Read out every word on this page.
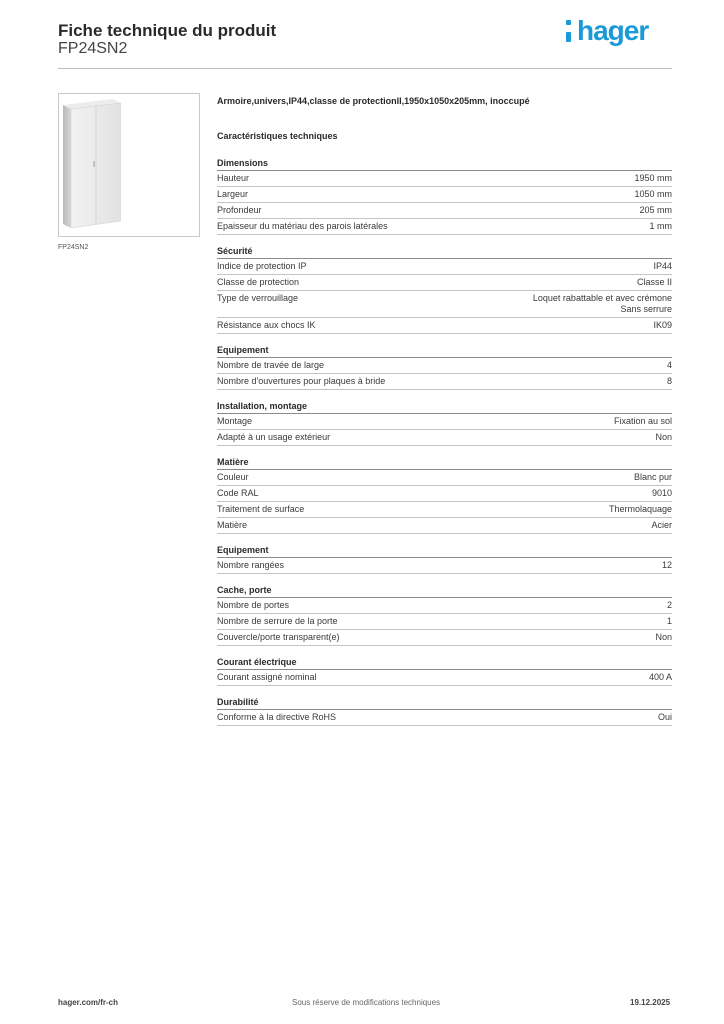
Fiche technique du produit
FP24SN2
hager
FP24SN2
Armoire,univers,IP44,classe de protectionII,1950x1050x205mm, inoccupé
Caractéristiques techniques
Dimensions
Hauteur	1950 mm
Largeur	1050 mm
Profondeur	205 mm
Epaisseur du matériau des parois latérales	1 mm
Sécurité
Indice de protection IP	IP44
Classe de protection	Classe II
Type de verrouillage	Loquet rabattable et avec crémone
Sans serrure
Résistance aux chocs IK	IK09
Equipement
Nombre de travée de large	4
Nombre d'ouvertures pour plaques à bride	8
Installation, montage
Montage	Fixation au sol
Adapté à un usage extérieur	Non
Matière
Couleur	Blanc pur
Code RAL	9010
Traitement de surface	Thermolaquage
Matière	Acier
Equipement
Nombre rangées	12
Cache, porte
Nombre de portes	2
Nombre de serrure de la porte	1
Couvercle/porte transparent(e)	Non
Courant électrique
Courant assigné nominal	400 A
Durabilité
Conforme à la directive RoHS	Oui
hager.com/fr-ch	Sous réserve de modifications techniques	19.12.2025
